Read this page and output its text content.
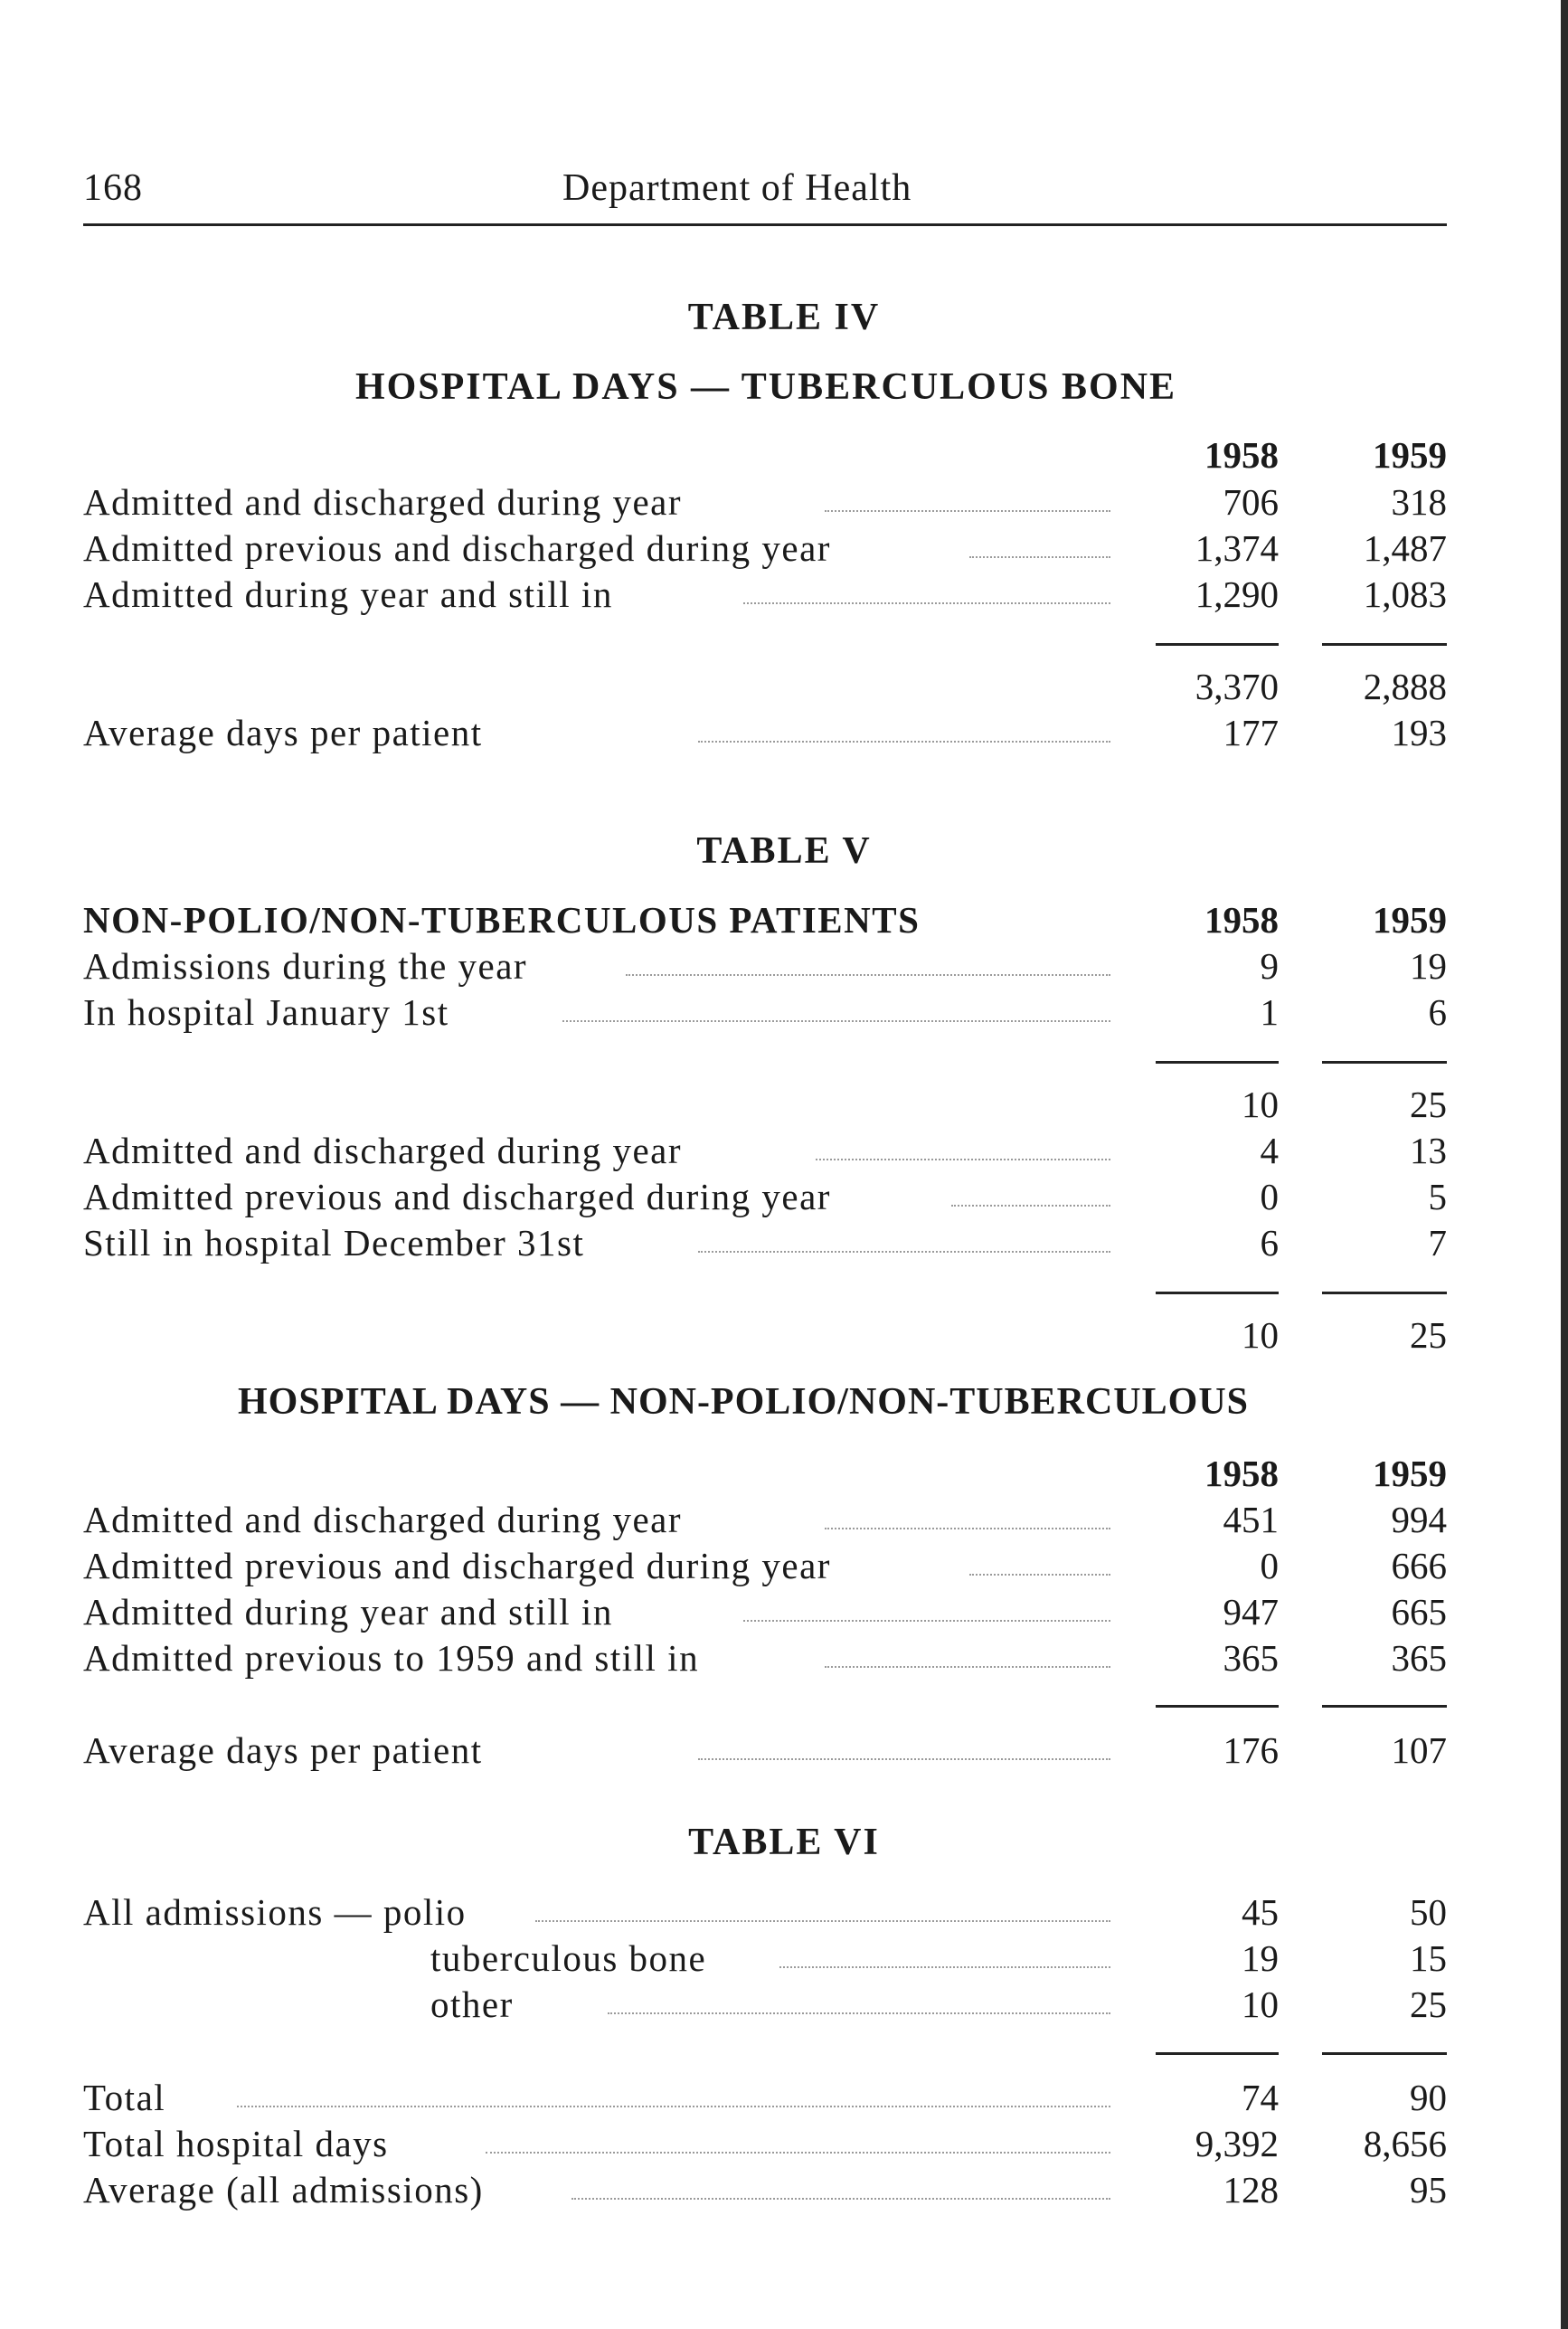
168	Department of Health
TABLE IV
HOSPITAL DAYS — TUBERCULOUS BONE
1958	1959
Admitted and discharged during year	706	318
Admitted previous and discharged during year	1,374 1,487
Admitted during year and still in	1,290 1,083
3,370 2,888
Average days per patient	177	193
TABLE V
NON-POLIO/NON-TUBERCULOUS PATIENTS	1958	1959
Admissions during the year	9	19
In hospital January 1st	1	6
10	25
Admitted and discharged during year	4	13
Admitted previous and discharged during year	0	5
Still in hospital December 31st	6	7
10	25
HOSPITAL DAYS — NON-POLIO/NON-TUBERCULOUS
1958	1959
Admitted and discharged during year	451	994
Admitted previous and discharged during year	0	666
Admitted during year and still in	947	665
Admitted previous to 1959 and still in	365	365
Average days per patient	176	107
TABLE VI
All admissions — polio	45	50
tuberculous bone	19	15
other	10	25
Total	74	90
Total hospital days	9,392 8,656
Average (all admissions)	128	95
